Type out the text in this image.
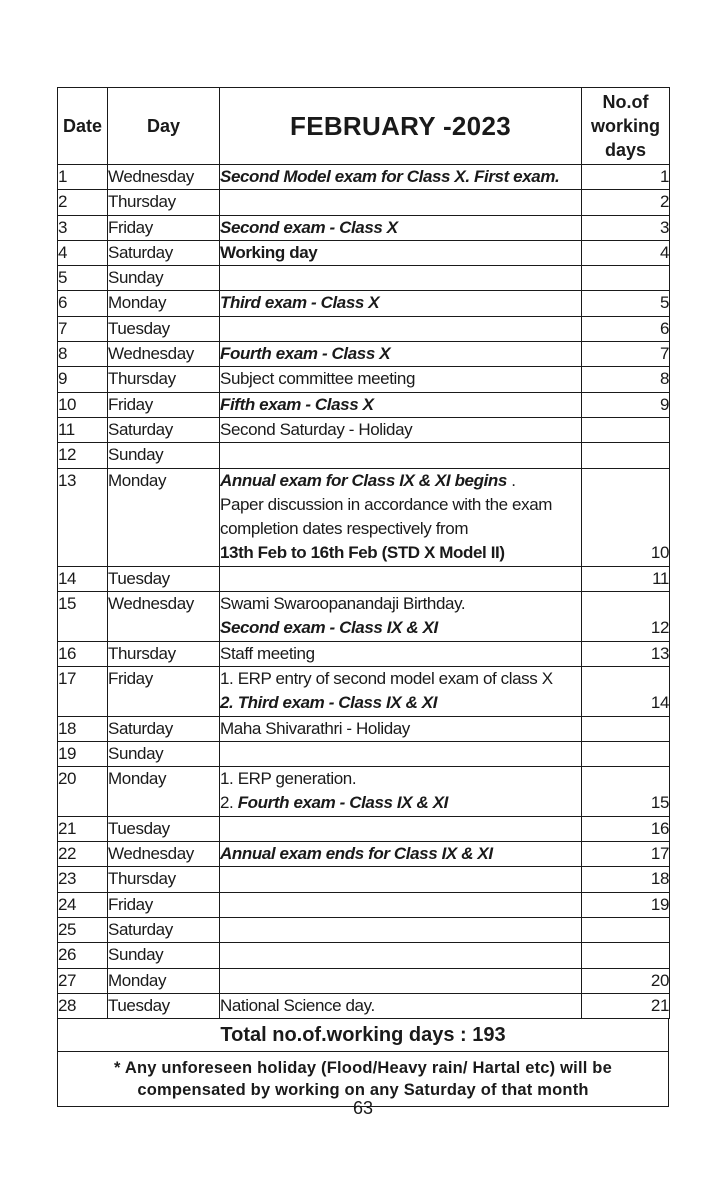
Date	Day	FEBRUARY -2023	No.of
working
days

1	Wednesday	Second Model exam for Class X. First exam.	1
2	Thursday		2
3	Friday	Second exam - Class X	3
4	Saturday	Working day	4
5	Sunday		
6	Monday	Third exam - Class X	5
7	Tuesday		6
8	Wednesday	Fourth exam - Class X	7
9	Thursday	Subject committee meeting	8
10	Friday	Fifth exam - Class X	9
11	Saturday	Second Saturday - Holiday	

12	Sunday		
13	Monday	Annual exam for Class IX & XI begins .
Paper discussion in accordance with the exam
completion dates respectively from
13th Feb to 16th Feb (STD X Model II)	10
14	Tuesday		11
15	Wednesday	Swami Swaroopanandaji Birthday.
Second exam - Class IX & XI	12
16	Thursday	Staff meeting	13
17	Friday	1. ERP entry of second model exam of class X
2. Third exam - Class IX & XI	14
18	Saturday	Maha Shivarathri - Holiday	

19	Sunday		
20	Monday	1. ERP generation.
2. Fourth exam - Class IX & XI	15
21	Tuesday		16
22	Wednesday	Annual exam ends for Class IX & XI	17
23	Thursday		18
24	Friday		19
25	Saturday		
26	Sunday		
27	Monday		20
28	Tuesday	National Science day.	21
Total no.of.working days : 193
* Any unforeseen holiday (Flood/Heavy rain/ Hartal etc) will be
compensated by working on any Saturday of that month
63
